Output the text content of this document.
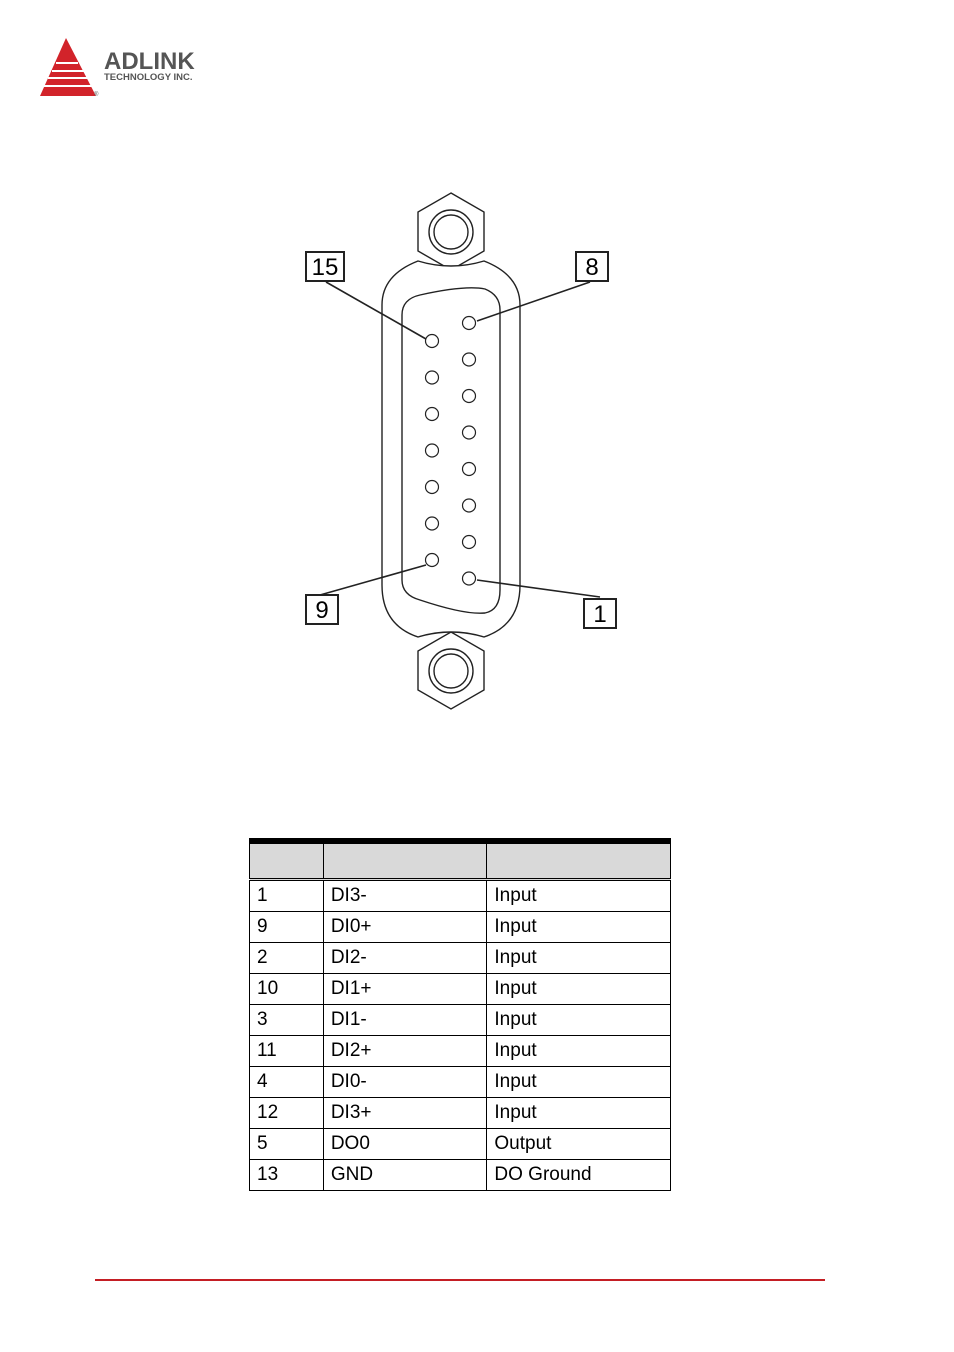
ADLINK
TECHNOLOGY INC.
®
15	8
9	1

1	DI3-	Input
9	DI0+	Input
2	DI2-	Input
10	DI1+	Input
3	DI1-	Input
11	DI2+	Input
4	DI0-	Input
12	DI3+	Input
5	DO0	Output
13	GND	DO Ground
